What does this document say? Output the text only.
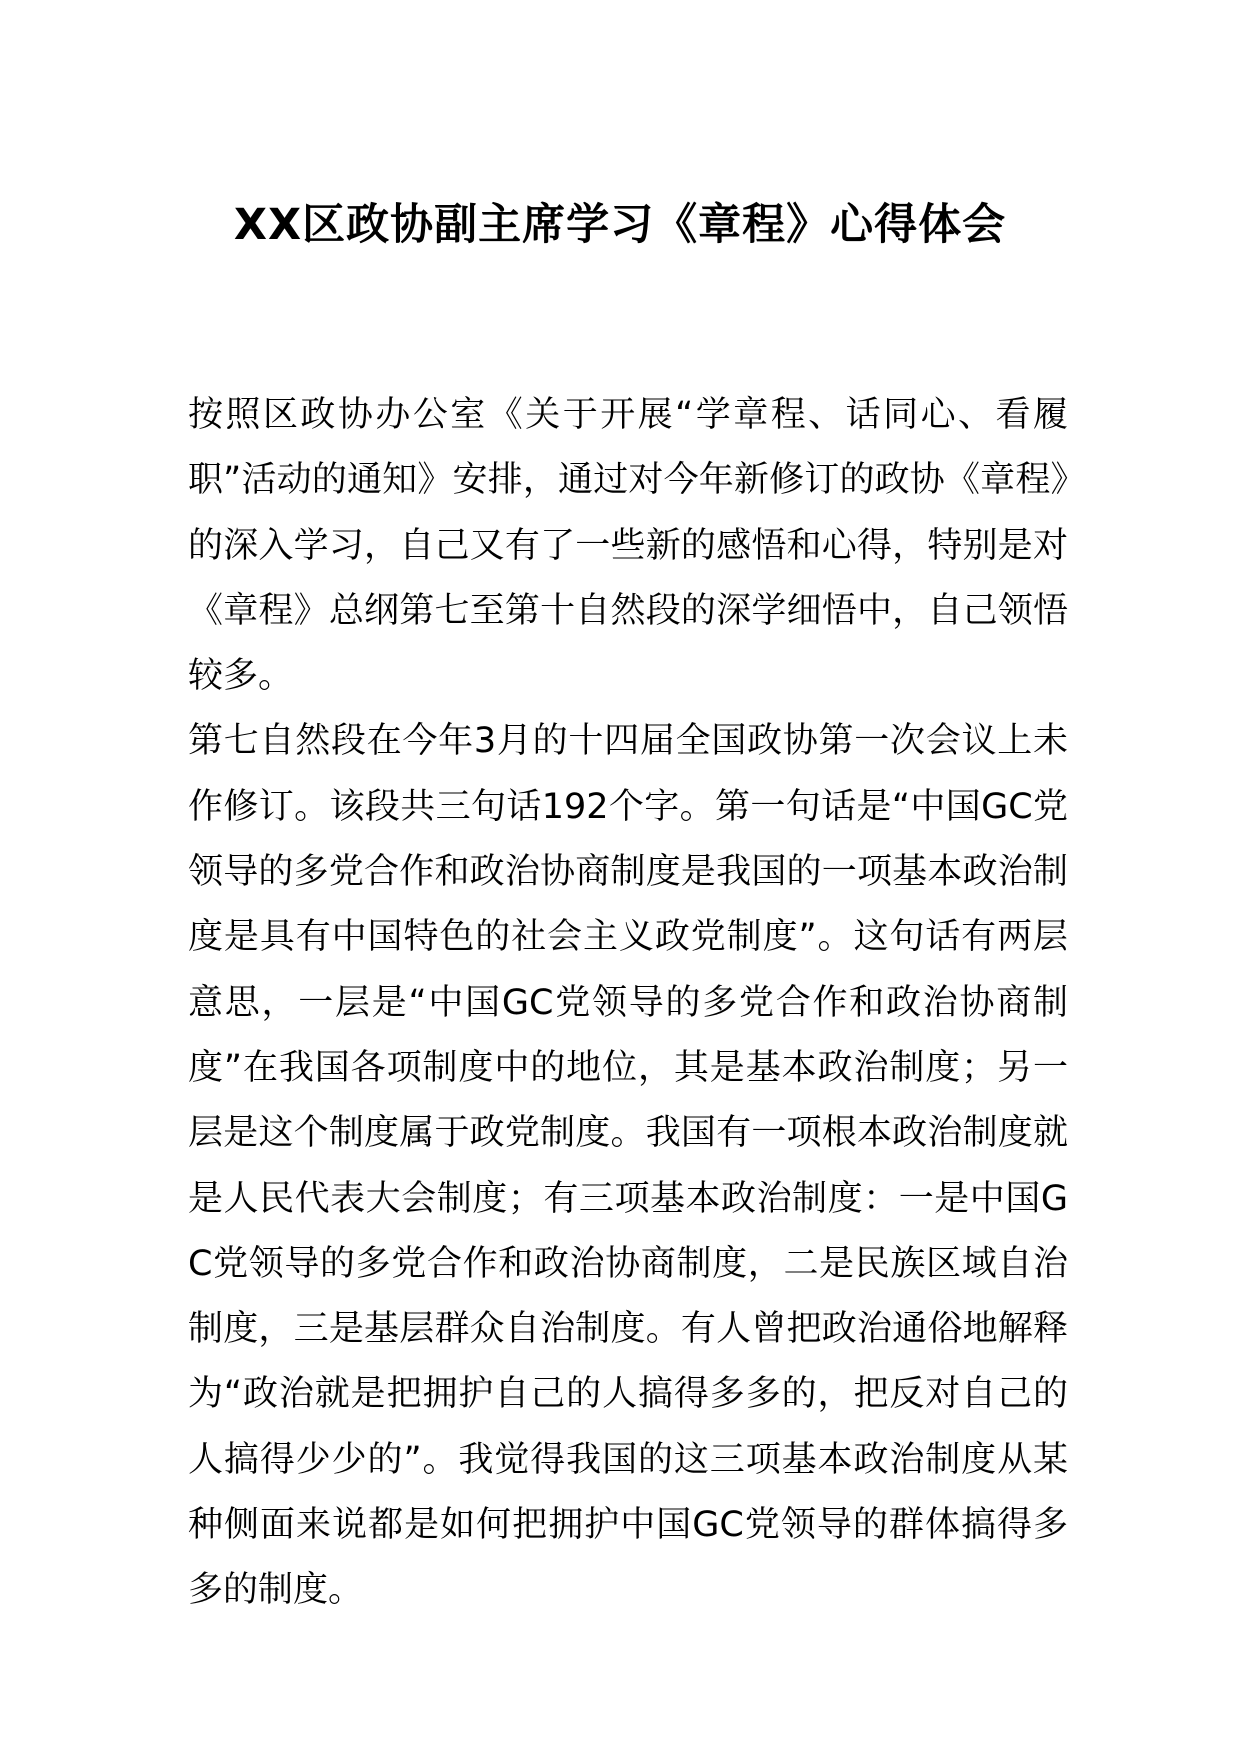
XX区政协副主席学习《章程》心得体会

按照区政协办公室《关于开展“学章程、话同心、看履职”活动的通知》安排，通过对今年新修订的政协《章程》的深入学习，自己又有了一些新的感悟和心得，特别是对《章程》总纲第七至第十自然段的深学细悟中，自己领悟较多。

第七自然段在今年3月的十四届全国政协第一次会议上未作修订。该段共三句话192个字。第一句话是“中国GC党领导的多党合作和政治协商制度是我国的一项基本政治制度是具有中国特色的社会主义政党制度”。这句话有两层意思，一层是“中国GC党领导的多党合作和政治协商制度”在我国各项制度中的地位，其是基本政治制度；另一层是这个制度属于政党制度。我国有一项根本政治制度就是人民代表大会制度；有三项基本政治制度：一是中国GC党领导的多党合作和政治协商制度，二是民族区域自治制度，三是基层群众自治制度。有人曾把政治通俗地解释为“政治就是把拥护自己的人搞得多多的，把反对自己的人搞得少少的”。我觉得我国的这三项基本政治制度从某种侧面来说都是如何把拥护中国GC党领导的群体搞得多多的制度。
